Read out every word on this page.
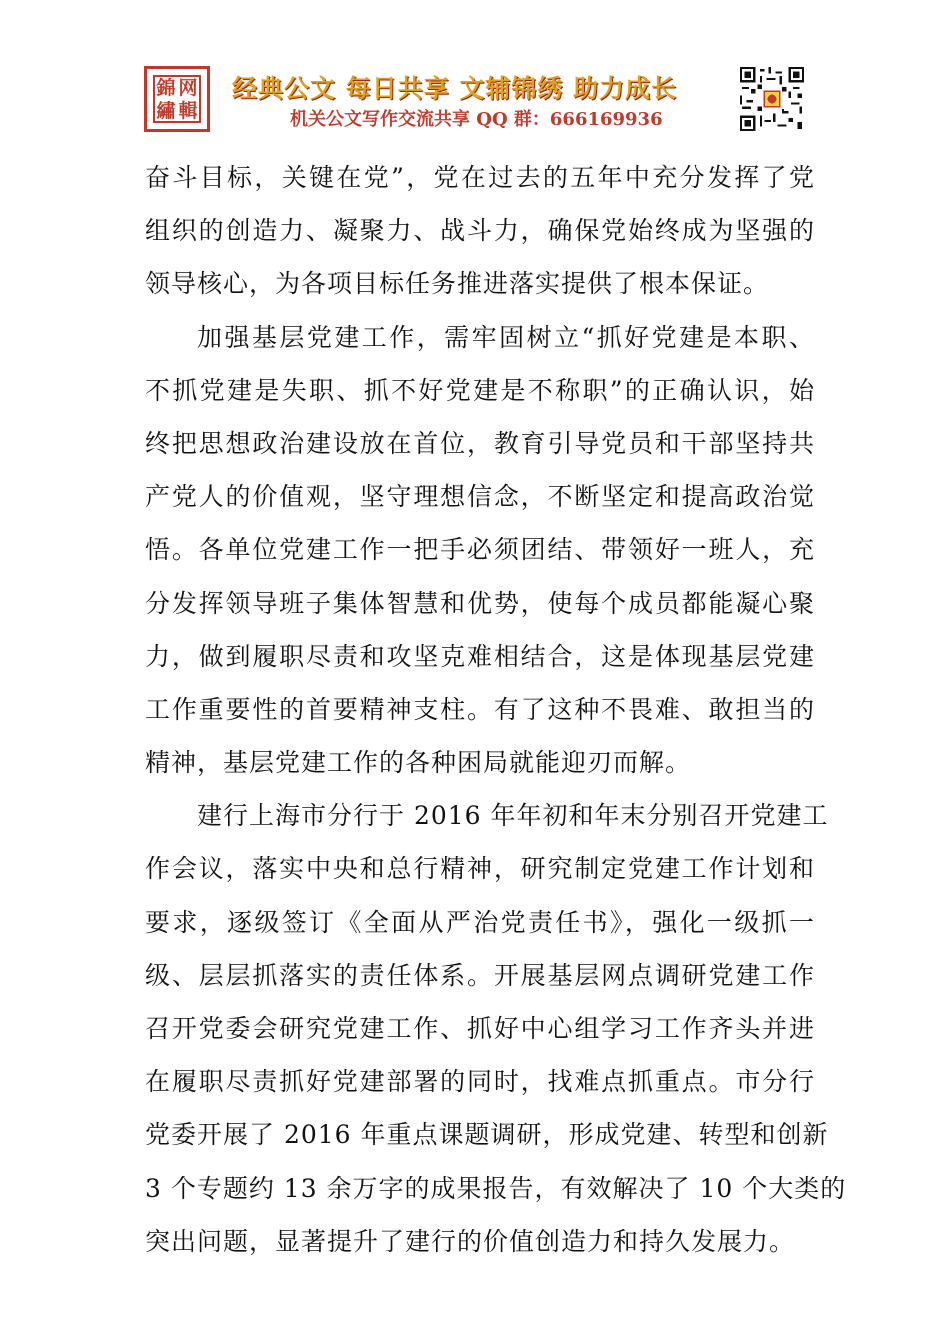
錦 网
繡 輯
经典公文 每日共享 文辅锦绣 助力成长
机关公文写作交流共享 QQ 群：666169936
奋斗目标，关键在党”，党在过去的五年中充分发挥了党
组织的创造力、凝聚力、战斗力，确保党始终成为坚强的
领导核心，为各项目标任务推进落实提供了根本保证。
加强基层党建工作，需牢固树立“抓好党建是本职、
不抓党建是失职、抓不好党建是不称职”的正确认识，始
终把思想政治建设放在首位，教育引导党员和干部坚持共
产党人的价值观，坚守理想信念，不断坚定和提高政治觉
悟。各单位党建工作一把手必须团结、带领好一班人，充
分发挥领导班子集体智慧和优势，使每个成员都能凝心聚
力，做到履职尽责和攻坚克难相结合，这是体现基层党建
工作重要性的首要精神支柱。有了这种不畏难、敢担当的
精神，基层党建工作的各种困局就能迎刃而解。
建行上海市分行于 2016 年年初和年末分别召开党建工
作会议，落实中央和总行精神，研究制定党建工作计划和
要求，逐级签订《全面从严治党责任书》，强化一级抓一
级、层层抓落实的责任体系。开展基层网点调研党建工作
召开党委会研究党建工作、抓好中心组学习工作齐头并进
在履职尽责抓好党建部署的同时，找难点抓重点。市分行
党委开展了 2016 年重点课题调研，形成党建、转型和创新
3 个专题约 13 余万字的成果报告，有效解决了 10 个大类的
突出问题，显著提升了建行的价值创造力和持久发展力。
